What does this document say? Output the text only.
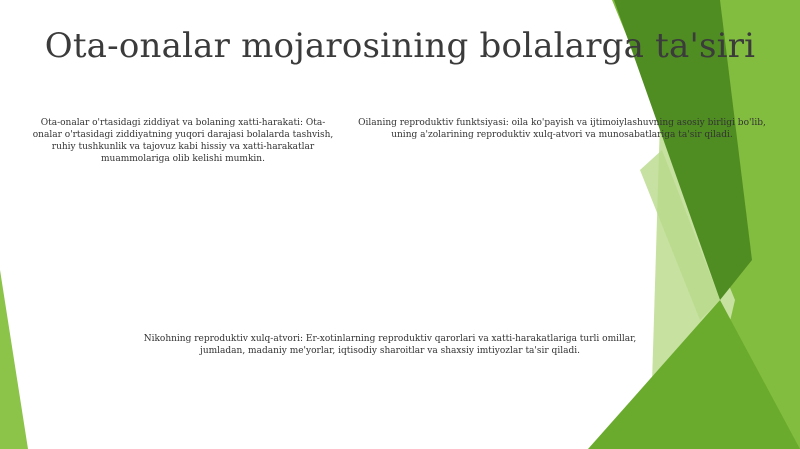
Ota-onalar mojarosining bolalarga ta'siri
Ota-onalar o'rtasidagi ziddiyat va bolaning xatti-harakati: Ota-onalar o'rtasidagi ziddiyatning yuqori darajasi bolalarda tashvish, ruhiy tushkunlik va tajovuz kabi hissiy va xatti-harakatlar muammolariga olib kelishi mumkin.
Oilaning reproduktiv funktsiyasi: oila ko'payish va ijtimoiylashuvning asosiy birligi bo'lib, uning a'zolarining reproduktiv xulq-atvori va munosabatlariga ta'sir qiladi.
Nikohning reproduktiv xulq-atvori: Er-xotinlarning reproduktiv qarorlari va xatti-harakatlariga turli omillar, jumladan, madaniy me'yorlar, iqtisodiy sharoitlar va shaxsiy imtiyozlar ta'sir qiladi.
